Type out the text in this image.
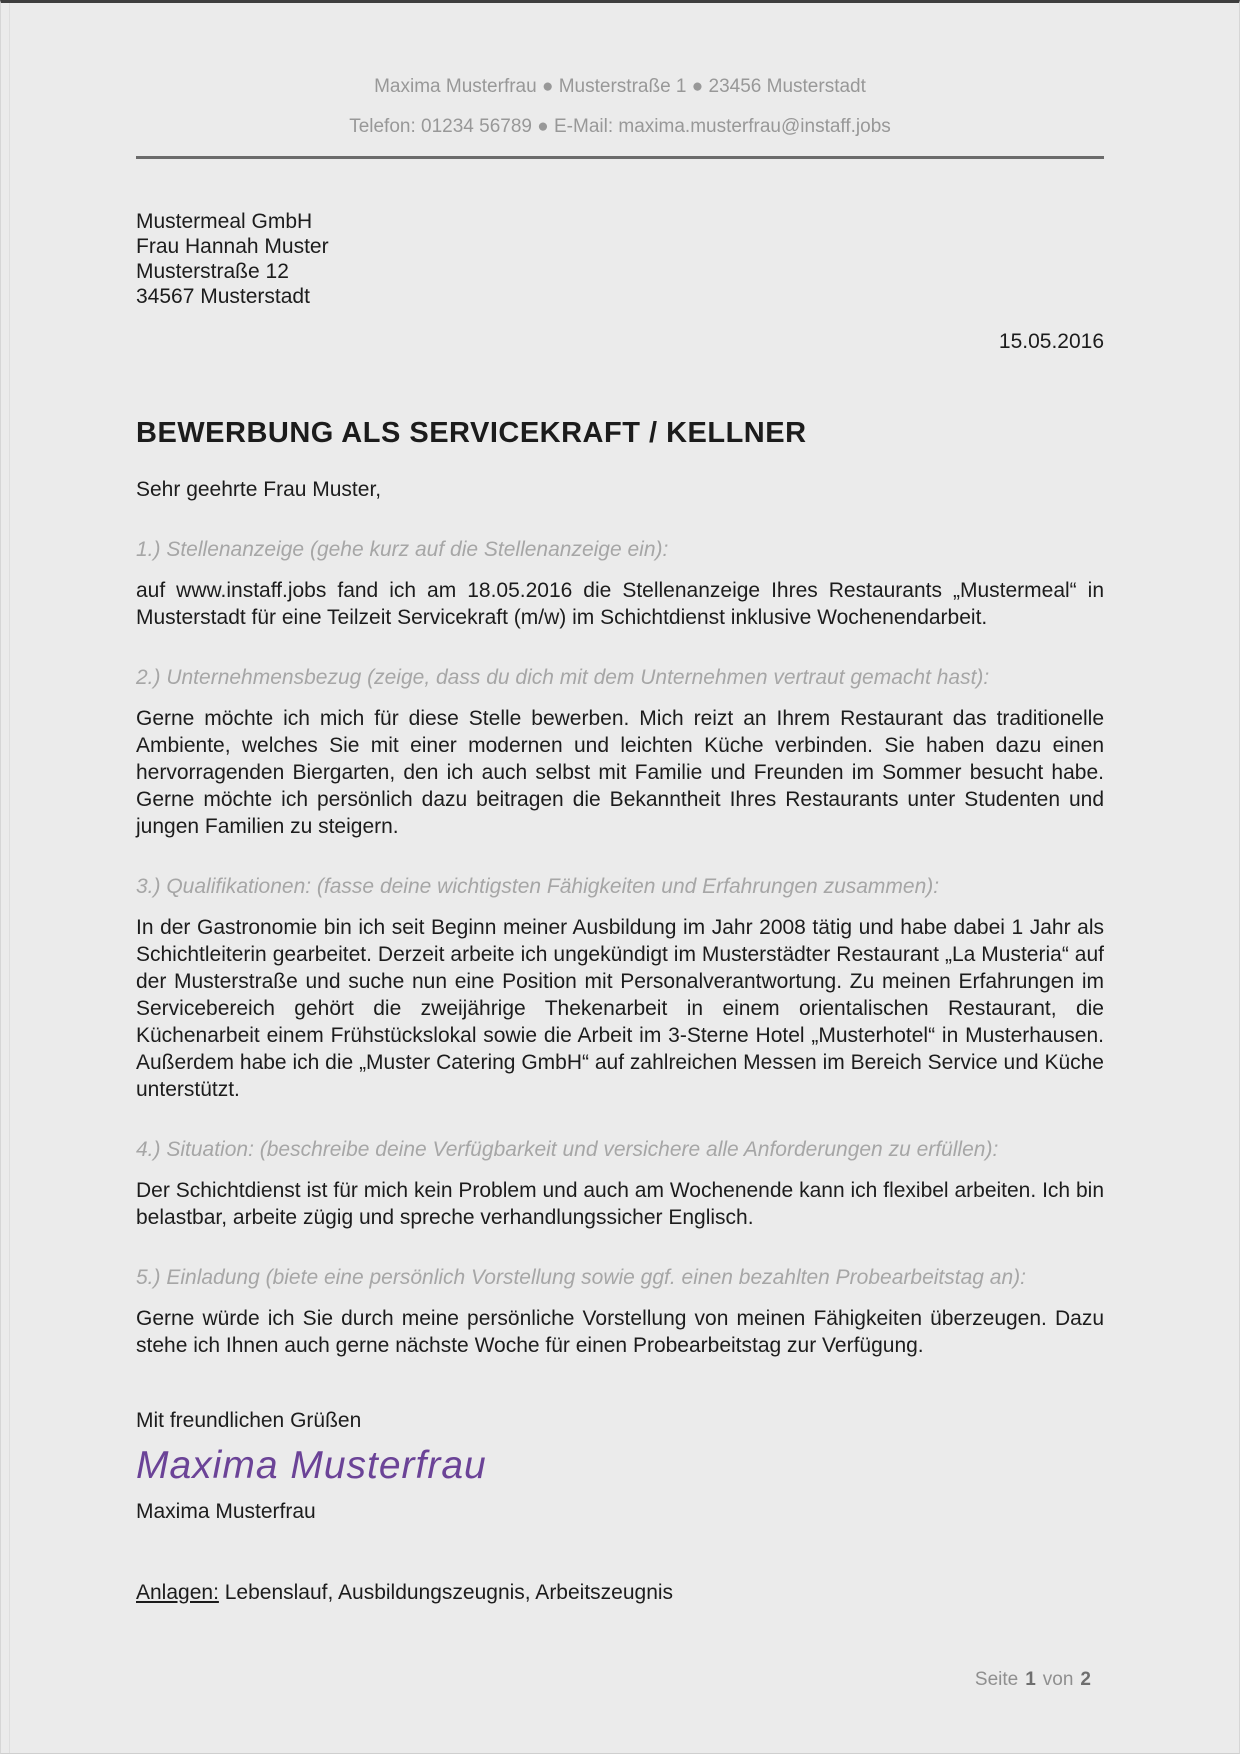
Maxima Musterfrau ● Musterstraße 1 ● 23456 Musterstadt
Telefon: 01234 56789 ● E-Mail: maxima.musterfrau@instaff.jobs
Mustermeal GmbH
Frau Hannah Muster
Musterstraße 12
34567 Musterstadt
15.05.2016
BEWERBUNG ALS SERVICEKRAFT / KELLNER
Sehr geehrte Frau Muster,
1.) Stellenanzeige (gehe kurz auf die Stellenanzeige ein):
auf www.instaff.jobs fand ich am 18.05.2016 die Stellenanzeige Ihres Restaurants „Mustermeal“ in Musterstadt für eine Teilzeit Servicekraft (m/w) im Schichtdienst inklusive Wochenendarbeit.
2.) Unternehmensbezug (zeige, dass du dich mit dem Unternehmen vertraut gemacht hast):
Gerne möchte ich mich für diese Stelle bewerben. Mich reizt an Ihrem Restaurant das traditionelle Ambiente, welches Sie mit einer modernen und leichten Küche verbinden. Sie haben dazu einen hervorragenden Biergarten, den ich auch selbst mit Familie und Freunden im Sommer besucht habe. Gerne möchte ich persönlich dazu beitragen die Bekanntheit Ihres Restaurants unter Studenten und jungen Familien zu steigern.
3.) Qualifikationen: (fasse deine wichtigsten Fähigkeiten und Erfahrungen zusammen):
In der Gastronomie bin ich seit Beginn meiner Ausbildung im Jahr 2008 tätig und habe dabei 1 Jahr als Schichtleiterin gearbeitet. Derzeit arbeite ich ungekündigt im Musterstädter Restaurant „La Musteria“ auf der Musterstraße und suche nun eine Position mit Personalverantwortung. Zu meinen Erfahrungen im Servicebereich gehört die zweijährige Thekenarbeit in einem orientalischen Restaurant, die Küchenarbeit einem Frühstückslokal sowie die Arbeit im 3-Sterne Hotel „Musterhotel“ in Musterhausen. Außerdem habe ich die „Muster Catering GmbH“ auf zahlreichen Messen im Bereich Service und Küche unterstützt.
4.) Situation: (beschreibe deine Verfügbarkeit und versichere alle Anforderungen zu erfüllen):
Der Schichtdienst ist für mich kein Problem und auch am Wochenende kann ich flexibel arbeiten. Ich bin belastbar, arbeite zügig und spreche verhandlungssicher Englisch.
5.) Einladung (biete eine persönlich Vorstellung sowie ggf. einen bezahlten Probearbeitstag an):
Gerne würde ich Sie durch meine persönliche Vorstellung von meinen Fähigkeiten überzeugen. Dazu stehe ich Ihnen auch gerne nächste Woche für einen Probearbeitstag zur Verfügung.
Mit freundlichen Grüßen
Maxima Musterfrau
Maxima Musterfrau
Anlagen: Lebenslauf, Ausbildungszeugnis, Arbeitszeugnis
Seite 1 von 2
